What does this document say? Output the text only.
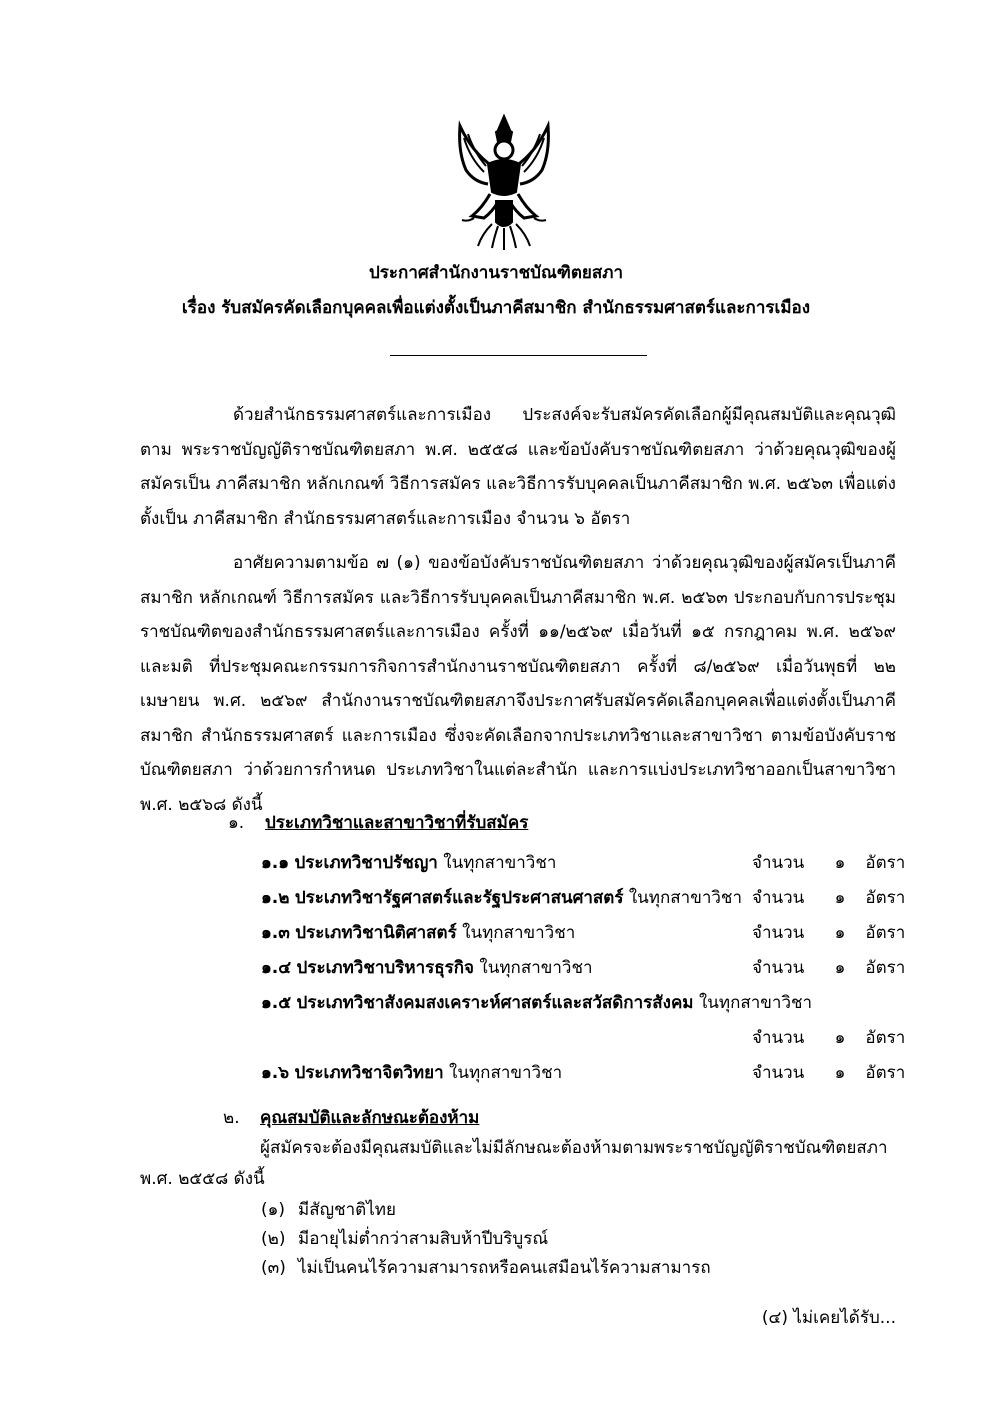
ประกาศสำนักงานราชบัณฑิตยสภา
เรื่อง รับสมัครคัดเลือกบุคคลเพื่อแต่งตั้งเป็นภาคีสมาชิก สำนักธรรมศาสตร์และการเมือง
ด้วยสำนักธรรมศาสตร์และการเมือง ประสงค์จะรับสมัครคัดเลือกผู้มีคุณสมบัติและคุณวุฒิตาม พระราชบัญญัติราชบัณฑิตยสภา พ.ศ. ๒๕๕๘ และข้อบังคับราชบัณฑิตยสภา ว่าด้วยคุณวุฒิของผู้สมัครเป็น ภาคีสมาชิก หลักเกณฑ์ วิธีการสมัคร และวิธีการรับบุคคลเป็นภาคีสมาชิก พ.ศ. ๒๕๖๓ เพื่อแต่งตั้งเป็น ภาคีสมาชิก สำนักธรรมศาสตร์และการเมือง จำนวน ๖ อัตรา
อาศัยความตามข้อ ๗ (๑) ของข้อบังคับราชบัณฑิตยสภา ว่าด้วยคุณวุฒิของผู้สมัครเป็นภาคี สมาชิก หลักเกณฑ์ วิธีการสมัคร และวิธีการรับบุคคลเป็นภาคีสมาชิก พ.ศ. ๒๕๖๓ ประกอบกับการประชุม ราชบัณฑิตของสำนักธรรมศาสตร์และการเมือง ครั้งที่ ๑๑/๒๕๖๙ เมื่อวันที่ ๑๕ กรกฎาคม พ.ศ. ๒๕๖๙ และมติ ที่ประชุมคณะกรรมการกิจการสำนักงานราชบัณฑิตยสภา ครั้งที่ ๘/๒๕๖๙ เมื่อวันพุธที่ ๒๒ เมษายน พ.ศ. ๒๕๖๙ สำนักงานราชบัณฑิตยสภาจึงประกาศรับสมัครคัดเลือกบุคคลเพื่อแต่งตั้งเป็นภาคีสมาชิก สำนักธรรมศาสตร์ และการเมือง ซึ่งจะคัดเลือกจากประเภทวิชาและสาขาวิชา ตามข้อบังคับราชบัณฑิตยสภา ว่าด้วยการกำหนด ประเภทวิชาในแต่ละสำนัก และการแบ่งประเภทวิชาออกเป็นสาขาวิชา พ.ศ. ๒๕๖๘ ดังนี้
๑. ประเภทวิชาและสาขาวิชาที่รับสมัคร
๑.๑ ประเภทวิชาปรัชญา ในทุกสาขาวิชา	จำนวน ๑ อัตรา
๑.๒ ประเภทวิชารัฐศาสตร์และรัฐประศาสนศาสตร์ ในทุกสาขาวิชา จำนวน ๑ อัตรา
๑.๓ ประเภทวิชานิติศาสตร์ ในทุกสาขาวิชา	จำนวน ๑ อัตรา
๑.๔ ประเภทวิชาบริหารธุรกิจ ในทุกสาขาวิชา	จำนวน ๑ อัตรา
๑.๕ ประเภทวิชาสังคมสงเคราะห์ศาสตร์และสวัสดิการสังคม ในทุกสาขาวิชา
จำนวน ๑ อัตรา
๑.๖ ประเภทวิชาจิตวิทยา ในทุกสาขาวิชา	จำนวน ๑ อัตรา
๒. คุณสมบัติและลักษณะต้องห้าม
ผู้สมัครจะต้องมีคุณสมบัติและไม่มีลักษณะต้องห้ามตามพระราชบัญญัติราชบัณฑิตยสภา
พ.ศ. ๒๕๕๘ ดังนี้
(๑) มีสัญชาติไทย
(๒) มีอายุไม่ต่ำกว่าสามสิบห้าปีบริบูรณ์
(๓) ไม่เป็นคนไร้ความสามารถหรือคนเสมือนไร้ความสามารถ
(๔) ไม่เคยได้รับ...
